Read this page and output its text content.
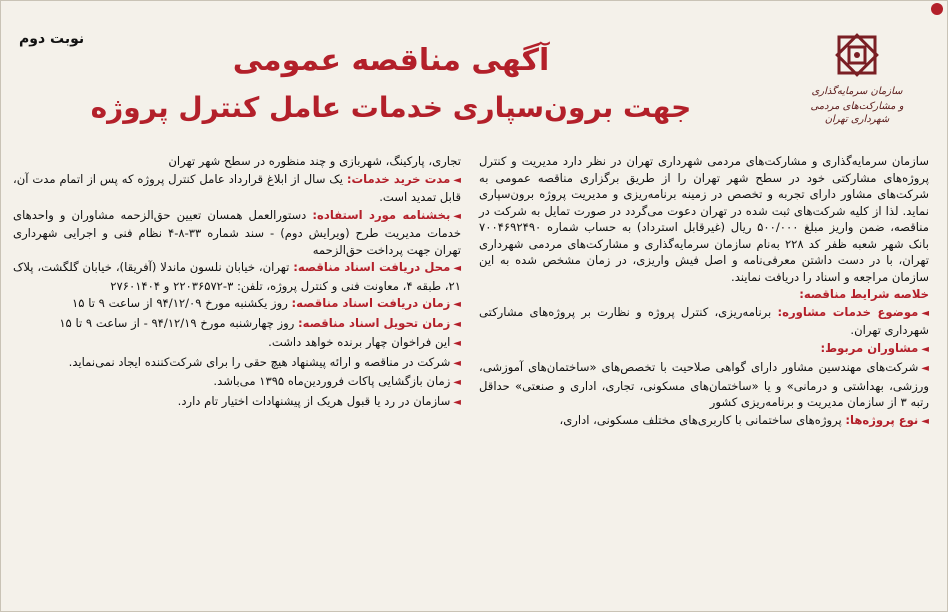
نوبت دوم
سازمان سرمایه‌گذاری
و مشارکت‌های مردمی شهرداری تهران
آگهی مناقصه عمومی
جهت برون‌سپاری خدمات عامل کنترل پروژه

سازمان سرمایه‌گذاری و مشارکت‌های مردمی شهرداری تهران در نظر دارد مدیریت و کنترل پروژه‌های مشارکتی خود در سطح شهر تهران را از طریق برگزاری مناقصه عمومی به شرکت‌های مشاور دارای تجربه و تخصص در زمینه برنامه‌ریزی و مدیریت پروژه برون‌سپاری نماید. لذا از کلیه شرکت‌های ثبت شده در تهران دعوت می‌گردد در صورت تمایل به شرکت در مناقصه، ضمن واریز مبلغ ۵۰۰/۰۰۰ ریال (غیرقابل استرداد) به حساب شماره ۷۰۰۴۶۹۲۴۹۰ بانک شهر شعبه ظفر کد ۲۲۸ به‌نام سازمان سرمایه‌گذاری و مشارکت‌های مردمی شهرداری تهران، با در دست داشتن معرفی‌نامه و اصل فیش واریزی، در زمان مشخص شده به این سازمان مراجعه و اسناد را دریافت نمایند.

خلاصه شرایط مناقصه:

◄موضوع خدمات مشاوره: برنامه‌ریزی، کنترل پروژه و نظارت بر پروژه‌های مشارکتی شهرداری تهران.

◄مشاوران مربوط:

◄شرکت‌های مهندسین مشاور دارای گواهی صلاحیت با تخصص‌های «ساختمان‌های آموزشی، ورزشی، بهداشتی و درمانی» و یا «ساختمان‌های مسکونی، تجاری، اداری و صنعتی» حداقل رتبه ۳ از سازمان مدیریت و برنامه‌ریزی کشور

◄نوع پروژه‌ها: پروژه‌های ساختمانی با کاربری‌های مختلف مسکونی، اداری،

تجاری، پارکینگ، شهربازی و چند منظوره در سطح شهر تهران

◄مدت خرید خدمات: یک سال از ابلاغ قرارداد عامل کنترل پروژه که پس از اتمام مدت آن، قابل تمدید است.

◄بخشنامه مورد استفاده: دستورالعمل همسان تعیین حق‌الزحمه مشاوران و واحدهای خدمات مدیریت طرح (ویرایش دوم) - سند شماره ۳۳-۸-۴ نظام فنی و اجرایی شهرداری تهران جهت پرداخت حق‌الزحمه

◄محل دریافت اسناد مناقصه: تهران، خیابان نلسون ماندلا (آفریقا)، خیابان گلگشت، پلاک ۲۱، طبقه ۴، معاونت فنی و کنترل پروژه، تلفن: ۳-۲۲۰۳۶۵۷۲ و ۲۷۶۰۱۴۰۴

◄زمان دریافت اسناد مناقصه: روز یکشنبه مورخ ۹۴/۱۲/۰۹ از ساعت ۹ تا ۱۵

◄زمان تحویل اسناد مناقصه: روز چهارشنبه مورخ ۹۴/۱۲/۱۹ - از ساعت ۹ تا ۱۵

◄این فراخوان چهار برنده خواهد داشت.

◄شرکت در مناقصه و ارائه پیشنهاد هیچ حقی را برای شرکت‌کننده ایجاد نمی‌نماید.

◄زمان بازگشایی پاکات فروردین‌ماه ۱۳۹۵ می‌باشد.

◄سازمان در رد یا قبول هریک از پیشنهادات اختیار تام دارد.
